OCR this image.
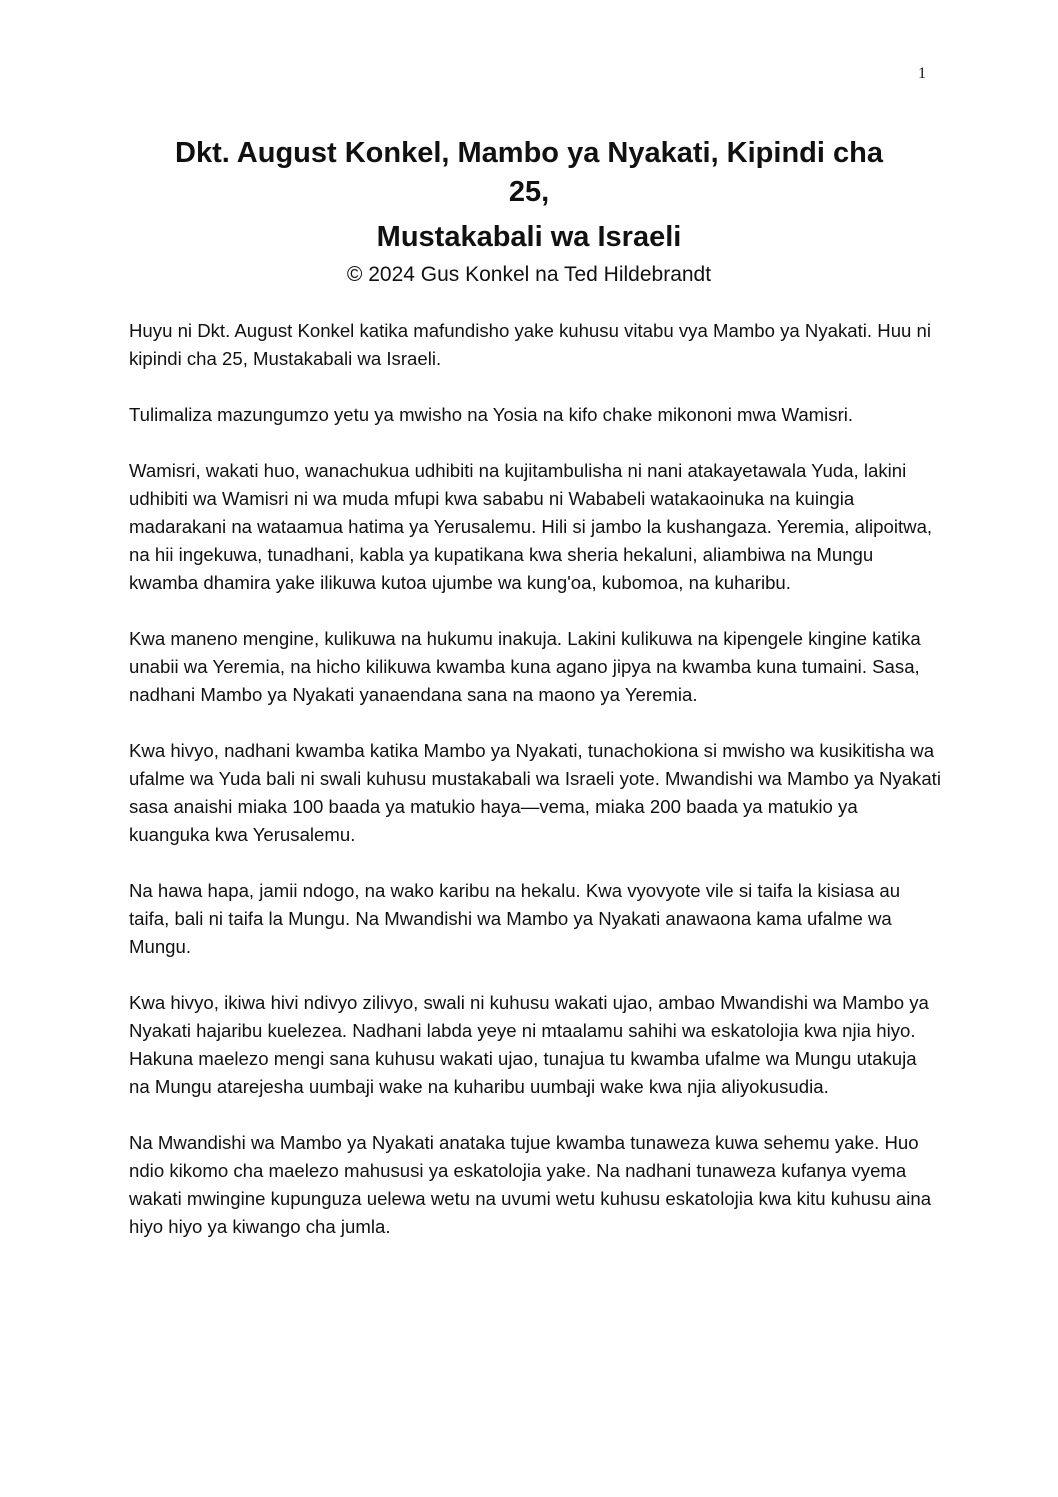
1
Dkt. August Konkel, Mambo ya Nyakati, Kipindi cha
25,
Mustakabali wa Israeli
© 2024 Gus Konkel na Ted Hildebrandt

Huyu ni Dkt. August Konkel katika mafundisho yake kuhusu vitabu vya Mambo ya Nyakati. Huu ni kipindi cha 25, Mustakabali wa Israeli.

Tulimaliza mazungumzo yetu ya mwisho na Yosia na kifo chake mikononi mwa Wamisri.

Wamisri, wakati huo, wanachukua udhibiti na kujitambulisha ni nani atakayetawala Yuda, lakini udhibiti wa Wamisri ni wa muda mfupi kwa sababu ni Wababeli watakaoinuka na kuingia madarakani na wataamua hatima ya Yerusalemu. Hili si jambo la kushangaza. Yeremia, alipoitwa, na hii ingekuwa, tunadhani, kabla ya kupatikana kwa sheria hekaluni, aliambiwa na Mungu kwamba dhamira yake ilikuwa kutoa ujumbe wa kung'oa, kubomoa, na kuharibu.

Kwa maneno mengine, kulikuwa na hukumu inakuja. Lakini kulikuwa na kipengele kingine katika unabii wa Yeremia, na hicho kilikuwa kwamba kuna agano jipya na kwamba kuna tumaini. Sasa, nadhani Mambo ya Nyakati yanaendana sana na maono ya Yeremia.

Kwa hivyo, nadhani kwamba katika Mambo ya Nyakati, tunachokiona si mwisho wa kusikitisha wa ufalme wa Yuda bali ni swali kuhusu mustakabali wa Israeli yote. Mwandishi wa Mambo ya Nyakati sasa anaishi miaka 100 baada ya matukio haya—vema, miaka 200 baada ya matukio ya kuanguka kwa Yerusalemu.

Na hawa hapa, jamii ndogo, na wako karibu na hekalu. Kwa vyovyote vile si taifa la kisiasa au taifa, bali ni taifa la Mungu. Na Mwandishi wa Mambo ya Nyakati anawaona kama ufalme wa Mungu.

Kwa hivyo, ikiwa hivi ndivyo zilivyo, swali ni kuhusu wakati ujao, ambao Mwandishi wa Mambo ya Nyakati hajaribu kuelezea. Nadhani labda yeye ni mtaalamu sahihi wa eskatolojia kwa njia hiyo. Hakuna maelezo mengi sana kuhusu wakati ujao, tunajua tu kwamba ufalme wa Mungu utakuja na Mungu atarejesha uumbaji wake na kuharibu uumbaji wake kwa njia aliyokusudia.

Na Mwandishi wa Mambo ya Nyakati anataka tujue kwamba tunaweza kuwa sehemu yake. Huo ndio kikomo cha maelezo mahususi ya eskatolojia yake. Na nadhani tunaweza kufanya vyema wakati mwingine kupunguza uelewa wetu na uvumi wetu kuhusu eskatolojia kwa kitu kuhusu aina hiyo hiyo ya kiwango cha jumla.
